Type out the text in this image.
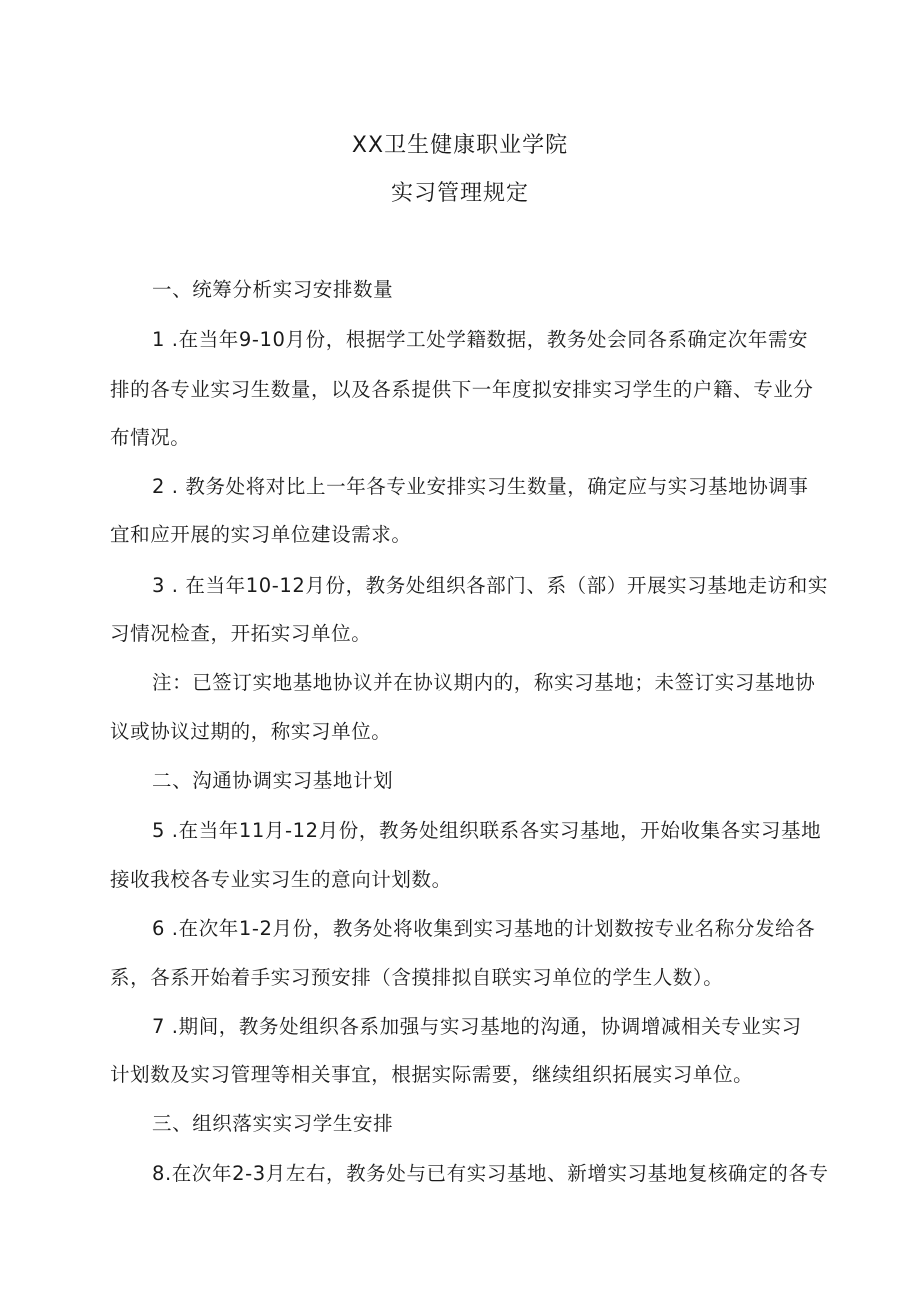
XX卫生健康职业学院
实习管理规定
一、统筹分析实习安排数量
1 .在当年9-10月份，根据学工处学籍数据，教务处会同各系确定次年需安
排的各专业实习生数量，以及各系提供下一年度拟安排实习学生的户籍、专业分
布情况。
2 . 教务处将对比上一年各专业安排实习生数量，确定应与实习基地协调事
宜和应开展的实习单位建设需求。
3 . 在当年10-12月份，教务处组织各部门、系（部）开展实习基地走访和实
习情况检查，开拓实习单位。
注：已签订实地基地协议并在协议期内的，称实习基地；未签订实习基地协
议或协议过期的，称实习单位。
二、沟通协调实习基地计划
5 .在当年11月-12月份，教务处组织联系各实习基地，开始收集各实习基地
接收我校各专业实习生的意向计划数。
6 .在次年1-2月份，教务处将收集到实习基地的计划数按专业名称分发给各
系，各系开始着手实习预安排（含摸排拟自联实习单位的学生人数）。
7 .期间，教务处组织各系加强与实习基地的沟通，协调增减相关专业实习
计划数及实习管理等相关事宜，根据实际需要，继续组织拓展实习单位。
三、组织落实实习学生安排
8.在次年2-3月左右，教务处与已有实习基地、新增实习基地复核确定的各专
